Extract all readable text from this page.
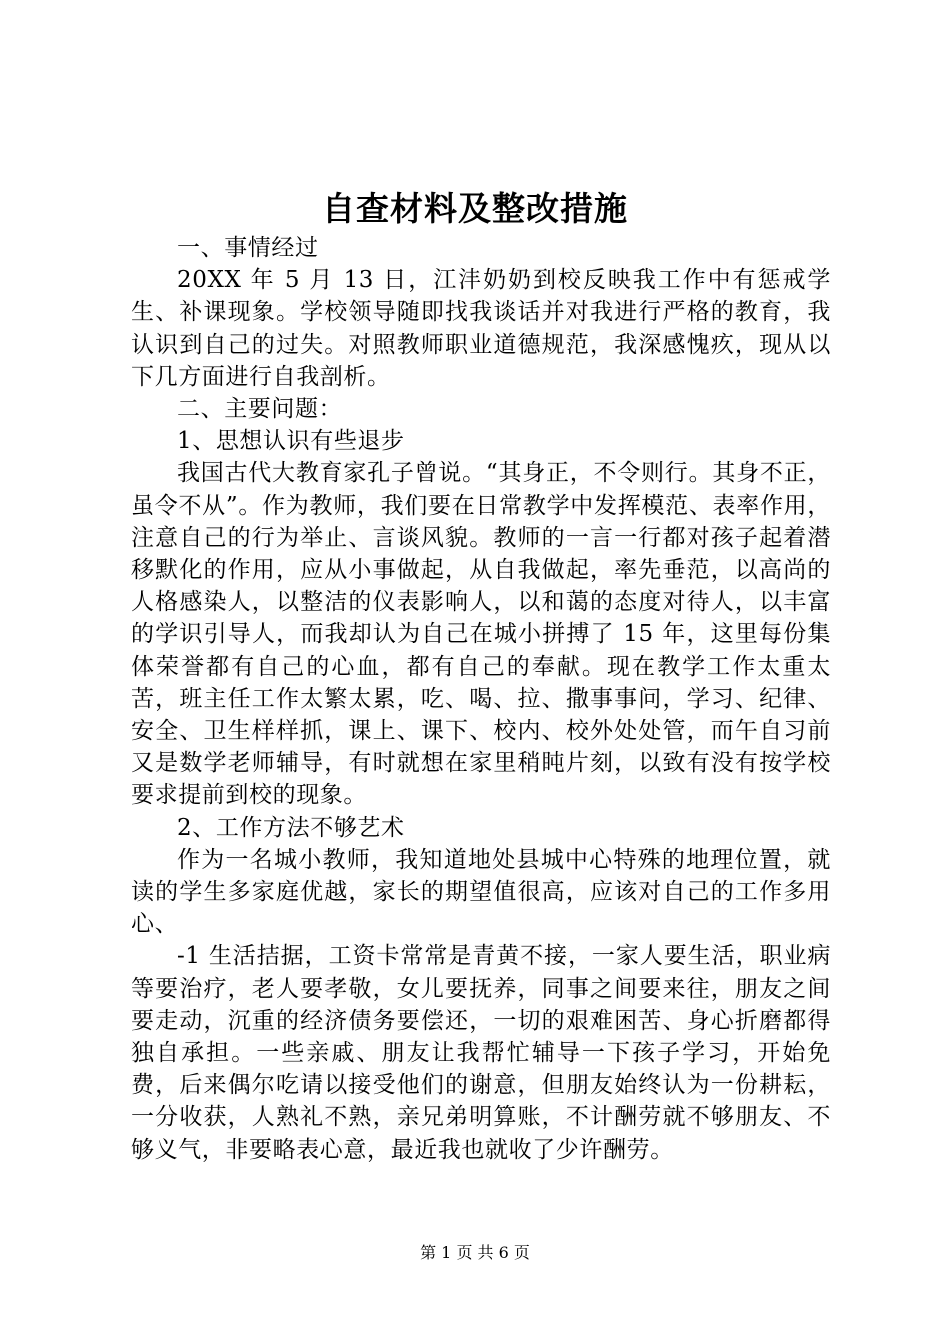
自查材料及整改措施

一、事情经过

20XX 年 5 月 13 日，江沣奶奶到校反映我工作中有惩戒学生、补课现象。学校领导随即找我谈话并对我进行严格的教育，我认识到自己的过失。对照教师职业道德规范，我深感愧疚，现从以下几方面进行自我剖析。

二、主要问题：

1、思想认识有些退步

我国古代大教育家孔子曾说。“其身正，不令则行。其身不正，虽令不从”。作为教师，我们要在日常教学中发挥模范、表率作用，注意自己的行为举止、言谈风貌。教师的一言一行都对孩子起着潜移默化的作用，应从小事做起，从自我做起，率先垂范，以高尚的人格感染人，以整洁的仪表影响人，以和蔼的态度对待人，以丰富的学识引导人，而我却认为自己在城小拼搏了 15 年，这里每份集体荣誉都有自己的心血，都有自己的奉献。现在教学工作太重太苦，班主任工作太繁太累，吃、喝、拉、撒事事问，学习、纪律、安全、卫生样样抓，课上、课下、校内、校外处处管，而午自习前又是数学老师辅导，有时就想在家里稍盹片刻，以致有没有按学校要求提前到校的现象。

2、工作方法不够艺术

作为一名城小教师，我知道地处县城中心特殊的地理位置，就读的学生多家庭优越，家长的期望值很高，应该对自己的工作多用心、

-1 生活拮据，工资卡常常是青黄不接，一家人要生活，职业病等要治疗，老人要孝敬，女儿要抚养，同事之间要来往，朋友之间要走动，沉重的经济债务要偿还，一切的艰难困苦、身心折磨都得独自承担。一些亲戚、朋友让我帮忙辅导一下孩子学习，开始免费，后来偶尔吃请以接受他们的谢意，但朋友始终认为一份耕耘，一分收获，人熟礼不熟，亲兄弟明算账，不计酬劳就不够朋友、不够义气，非要略表心意，最近我也就收了少许酬劳。

第 1 页 共 6 页
